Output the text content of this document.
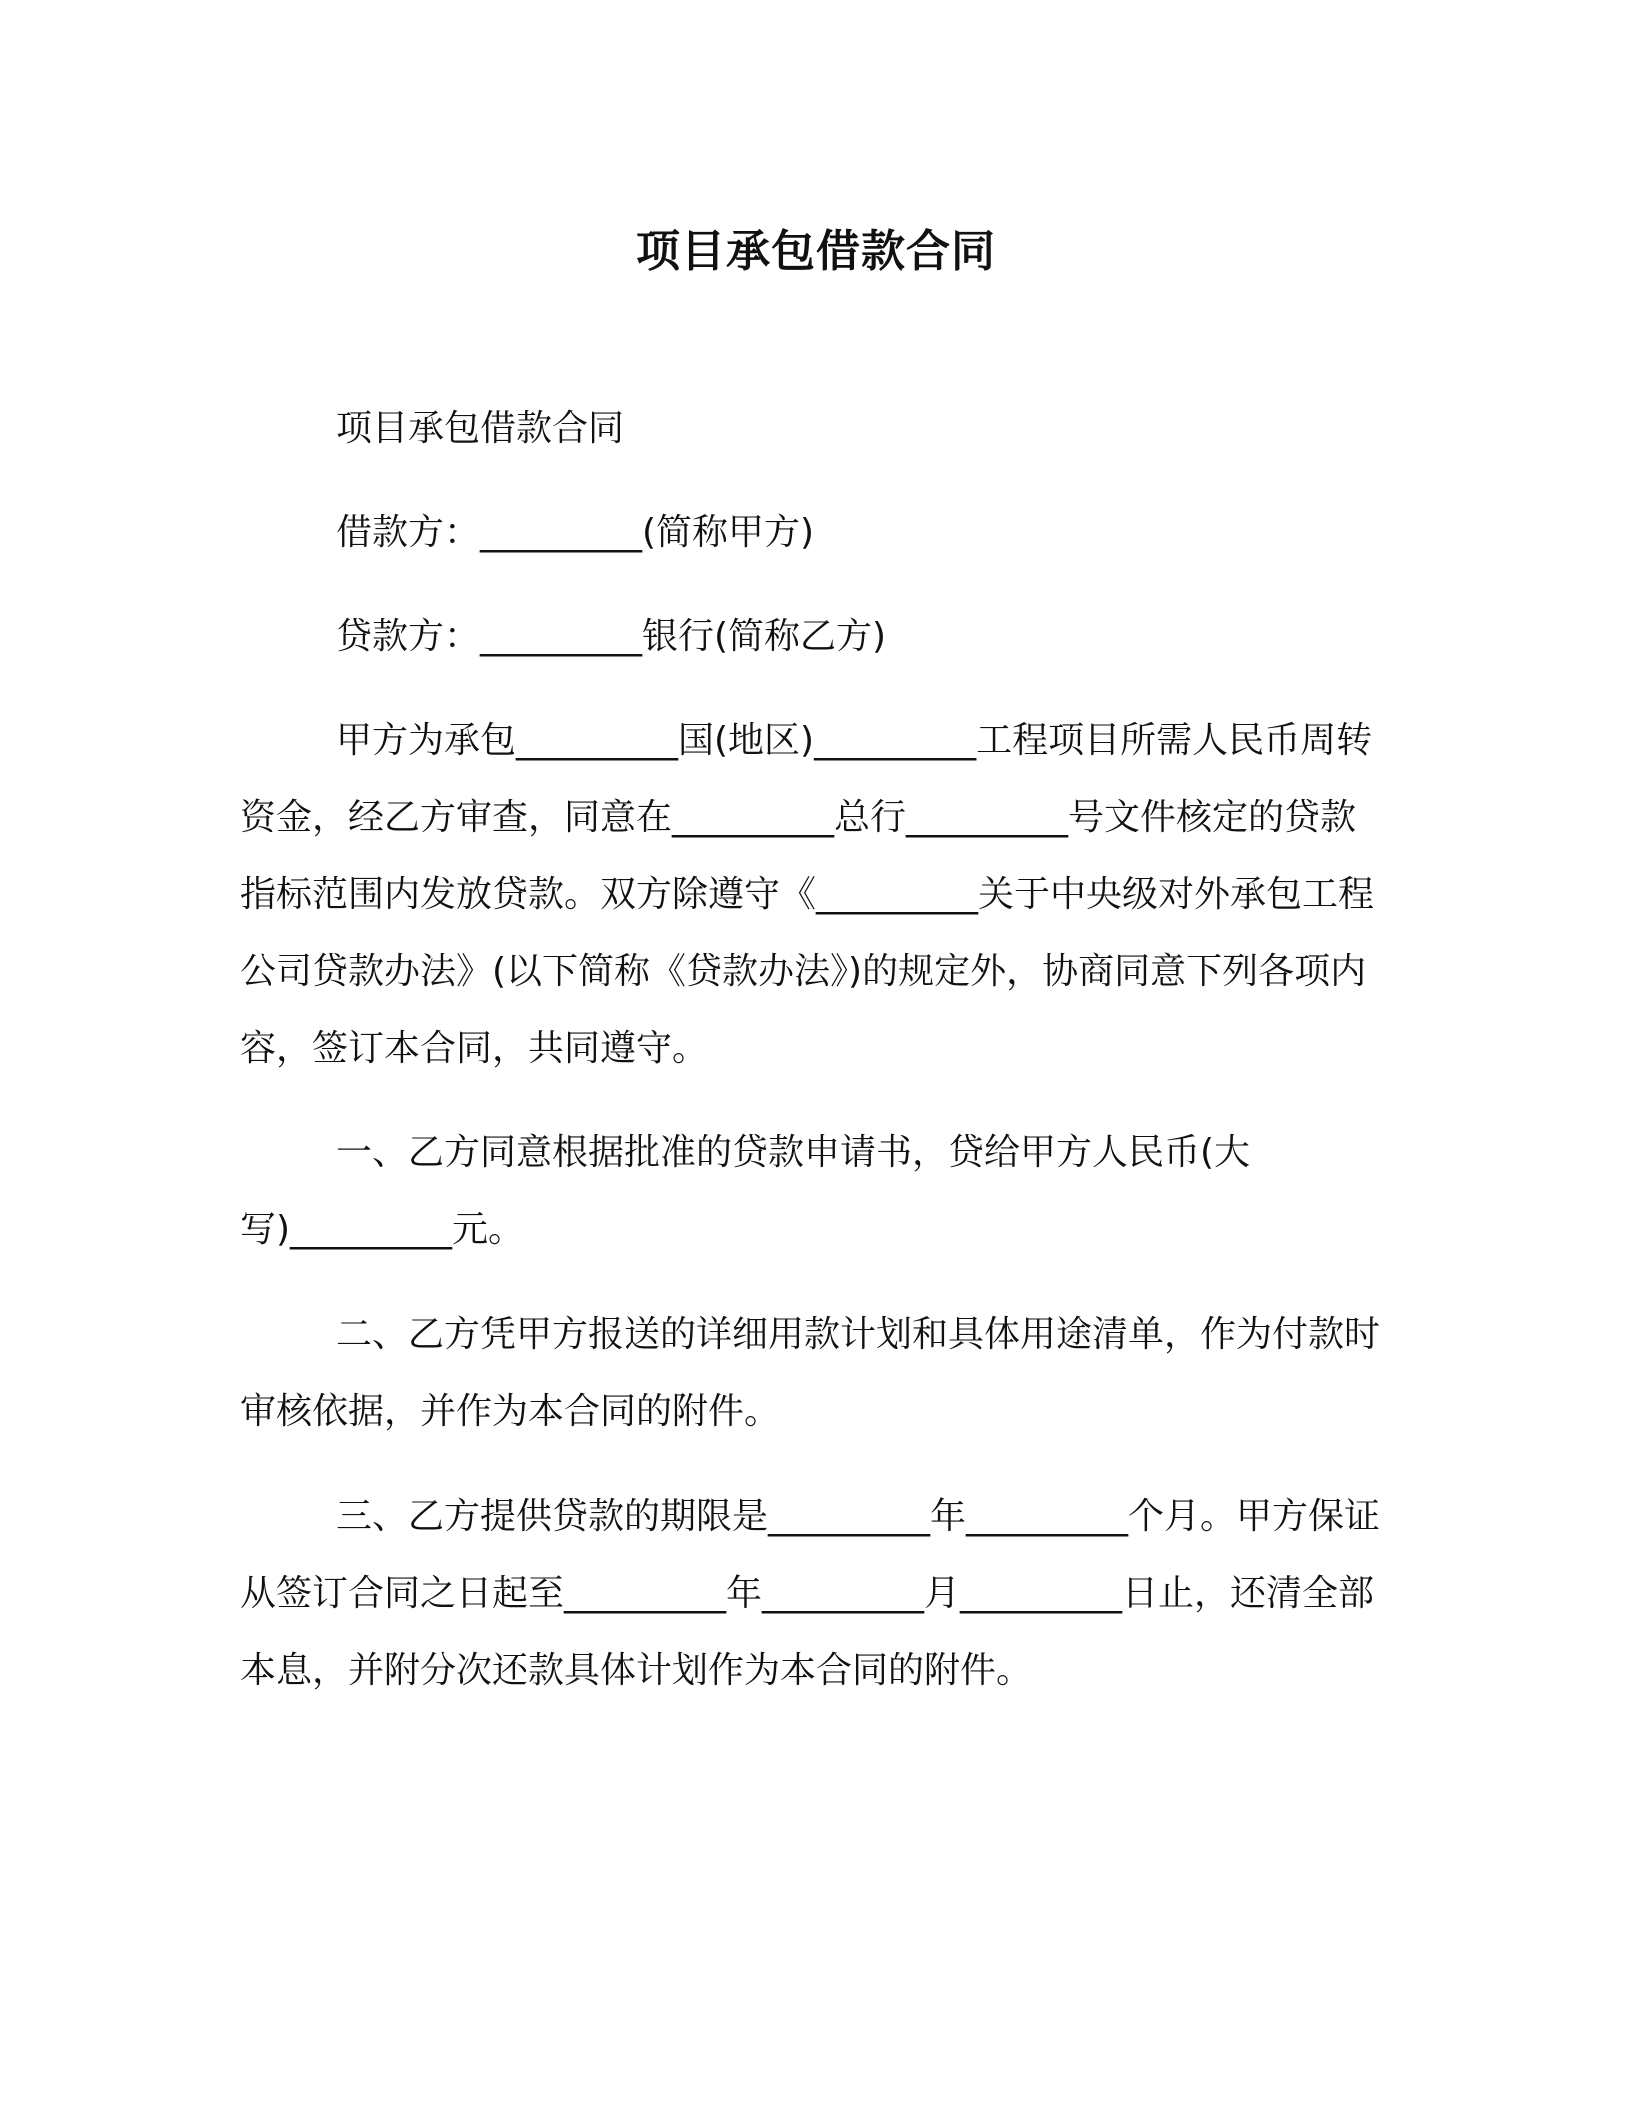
项目承包借款合同

项目承包借款合同

借款方：_________(简称甲方)

贷款方：_________银行(简称乙方)

甲方为承包_________国(地区)_________工程项目所需人民币周转资金，经乙方审查，同意在_________总行_________号文件核定的贷款指标范围内发放贷款。双方除遵守《_________关于中央级对外承包工程公司贷款办法》(以下简称《贷款办法》)的规定外，协商同意下列各项内容，签订本合同，共同遵守。

一、乙方同意根据批准的贷款申请书，贷给甲方人民币(大写)_________元。

二、乙方凭甲方报送的详细用款计划和具体用途清单，作为付款时审核依据，并作为本合同的附件。

三、乙方提供贷款的期限是_________年_________个月。甲方保证从签订合同之日起至_________年_________月_________日止，还清全部本息，并附分次还款具体计划作为本合同的附件。
